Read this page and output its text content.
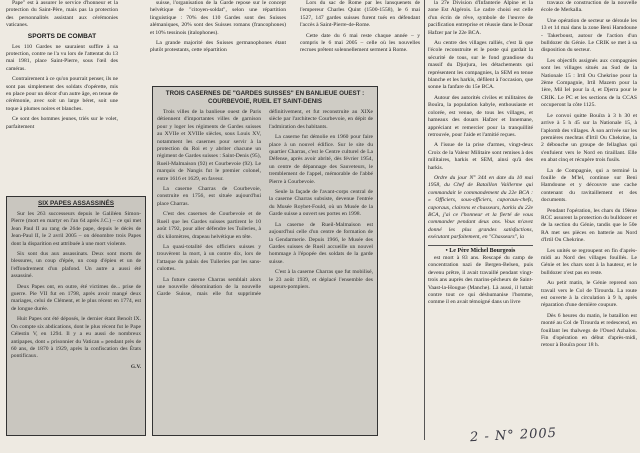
Pape" est à assurer le service d'honneur et la protection du Saint-Père, mais pas la protection des personnalités assistant aux cérémonies vaticanes.

SPORTS DE COMBAT

Les 110 Gardes ne sauraient suffire à sa protection, contre ne l'a vu lors de l'attentat du 13 mai 1981, place Saint-Pierre, sous l'œil des caméras.

Contrairement à ce qu'on pourrait penser, ils ne sont pas simplement des soldats d'opérette, mis en place pour un décor d'un autre âge, en tenue de cérémonie, avec soit un large béret, soit une toque à plumes noires et blanches.

Ce sont des hommes jeunes, triés sur le volet, parfaitement

SIX PAPES ASSASSINÉS

Sur les 263 successeurs depuis le Galiléen Simon-Pierre (mort en martyr en l'an 64 après J.C.) – ce qui met Jean Paul II au rang de 264e pape, depuis le décès de Jean-Paul II, le 2 avril 2005 – on dénombre trois Papes dont la disparition est attribuée à une mort violente.

Six sont dus aux assassinats. Deux sont morts de blessures, un coup d'épée, un coup d'épieu et un de l'effondrement d'un plafond. Un autre a aussi été assassiné.

Deux Papes ont, en outre, été victimes de... prise de guerre. Pie VII fut en 1798, après avoir mangé deux mariages, celui de Clément, et le plus récent en 1774, est de longue durée.

Huit Papes ont été déposés, le dernier étant Benoît IX. On compte six abdications, dont le plus récent fut le Pape Célestin V, en 1294. Il y a eu aussi de nombreux antipapes, dont « prisonnier du Vatican » pendant près de 60 ans, de 1870 à 1929, après la confiscation des États pontificaux.

G.V.

suisse, l'organisation de la Garde repose sur le concept helvétique de "citoyen-soldat", selon une répartition linguistique : 70% des 110 Gardes sont des Suisses alémaniques, 20% sont des Suisses romans (francophones) et 10% tessinois (italophones).

La grande majorité des Suisses germanophones étant plutôt protestants, cette répartition

TROIS CASERNES DE "GARDES SUISSES" EN BANLIEUE OUEST : COURBEVOIE, RUEIL ET SAINT-DENIS

Trois villes de la banlieue ouest de Paris détiennent d'importantes villes de garnison pour y loger les régiments de Gardes suisses au XVIIe et XVIIIe siècles, sous Louis XV, notamment les casernes pour servir à la protection du Roi et y abriter chacune un régiment de Gardes suisses : Saint-Denis (95), Rueil-Malmaison (92) et Courbevoie (92). Le marquis de Nangis fut le premier colonel, entre 1616 et 1629, en faveur.

La caserne Charras de Courbevoie, construite en 1756, est située aujourd'hui place Charras.

C'est des casernes de Courbevoie et de Rueil que les Gardes suisses partirent le 10 août 1792, pour aller défendre les Tuileries, à dix kilomètres, drapeau helvétique en tête.

La quasi-totalité des officiers suisses y trouvèrent la mort, à un contre dix, lors de l'attaque du palais des Tuileries par les sans-culottes.

La future caserne Charras semblait alors une nouvelle dénomination de la nouvelle Garde Suisse, mais elle fut supprimée définitivement, et fut reconstruite au XIXe siècle par l'architecte Courbevoie, en dépit de l'admiration des habitants.

La caserne fut démolie en 1960 pour faire place à un nouvel édifice. Sur le site du quartier Charras, c'est le Centre culturel de La Défense, après avoir abrité, dès février 1954, un centre de dépannage des Sauveteurs, le tremblement de l'appel, mémorable de l'abbé Pierre à Courbevoie.

Seule la façade de l'avant-corps central de la caserne Charras subsiste, devenue l'entrée du Musée Roybet-Fould, où un Musée de la Garde suisse a ouvert ses portes en 1998.

La caserne de Rueil-Malmaison est aujourd'hui celle d'un centre de formation de la Gendarmerie. Depuis 1966, le Musée des Gardes suisses de Rueil accueille un nouvel hommage à l'épopée des soldats de la garde suisse.

C'est à la caserne Charras que fut mobilisé, le 23 août 1939, et déplacé l'ensemble des sapeurs-pompiers.

Lors du sac de Rome par les lansquenets de l'empereur Charles Quint (1500-1558), le 6 mai 1527, 147 gardes suisses furent tués en défendant l'accès à Saint-Pierre-de-Rome.

Cette date du 6 mai reste chaque année – y compris le 6 mai 2005 – celle où les nouvelles recrues prêtent solennellement serment à Rome.

la 27e Division d'Infanterie Alpine et la zone Est Algérois. Le cadre choisi est celle d'un écrin de rêve, symbole de l'œuvre de pacification entreprise et réussie dans le Douar Hafzer par le 22e BCA.

Au centre des villages ralliés, c'est là que l'école reconstruite et le poste qui gardait la sécurité de tous, sur le fond grandiose du massif du Djurjura, les détachements qui représentent les compagnies, la SEM en tenue blanche et les harkis, défilent à l'occasion, que sonne la fanfare du 15e BCA.

Autour des autorités civiles et militaires de Bouïra, la population kabyle, enthousiaste et colorée, est venue, de tous les villages, et hameaux des douars Hafzer et Innemane, appréciant et remercier pour la tranquillité retrouvée, pour l'aide et l'amitié reçues.

A l'issue de la prise d'armes, vingt-deux Croix de la Valeur Militaire sont remises à des militaires, harkis et SEM, ainsi qu'à des harkis.

Ordre du jour N° 344 en date du 10 mai 1958, du Chef de Bataillon Vaillerme qui commandait le commandement du 22e BCA : « Officiers, sous-officiers, caporaux-chefs, caporaux, clairons et chasseurs, harkis du 22e BCA, j'ai ce l'honneur et la fierté de vous commander pendant deux ans. Vous m'avez donné les plus grandes satisfactions, exécutant parfaitement, en "Chasseurs", la

• Le Père Michel Bourgeois

est mort à 83 ans. Rescapé du camp de concentration nazi de Bergen-Belsen, puis devenu prêtre, il avait travaillé pendant vingt-trois ans auprès des marins-pêcheurs de Saint-Vaast-la-Hougue (Manche). Là aussi, il luttait contre tout ce qui déshumanise l'homme, comme il en avait témoigné dans un livre

travaux de construction de la nouvelle école de Merkalla.

Une opération de secteur se déroule les 13 et 14 mai dans la zone Beni Hamdoune - Takerboust, autour de l'action d'un bulldozer du Génie. Le CRIK se met à sa disposition du secteur.

Les objectifs assignés aux compagnies sont les villages situés au Sud de la Nationale 15 : Irtil Ou Chekrine pour la 2ème Compagnie, Irtil Mazem pour la 1ère, Mil Iel pour la 4, et Djerra pour le CRIK. Le PC et les sections de la CCAS occuperont la côte 1125.

Le convoi quitte Bouïra à 3 h 30 et arrive à 5 h 45 sur la Nationale 15, à l'aplomb des villages. À son arrivée sur les premières mechtas d'Irtil Ou Chekrine, la 2 débouche un groupe de fellaghas qui s'enfuient vers le Nord en tiraillant. Elle en abat cinq et récupère trois fusils.

La 4e Compagnie, qui a terminé la fouille de M'lel, continue sur Beni Hamdoune et y découvre une cache contenant du ravitaillement et des documents.

Pendant l'opération, les chars du 19ème RCC assurent la protection du bulldozer et de la section du Génie, tandis que le 50e RA met ses pièces en batterie au Nord d'Irtil Ou Chekrine.

Les unités se regroupent en fin d'après-midi au Nord des villages fouillés. Le Génie et les chars sont à la hauteur, et le bulldozer n'est pas en reste.

Au petit matin, le Génie reprend son travail vers le Col de Tirourda. La route est ouverte à la circulation à 9 h, après réparation d'une dernière coupure.

Dès 6 heures du matin, le bataillon est monté au Col de Tirourda et redescend, en fouillant les thalwegs de l'Oued Azhalou. Fin d'opération en début d'après-midi, retour à Bouïra pour 18 h.

2 - N° 2005
